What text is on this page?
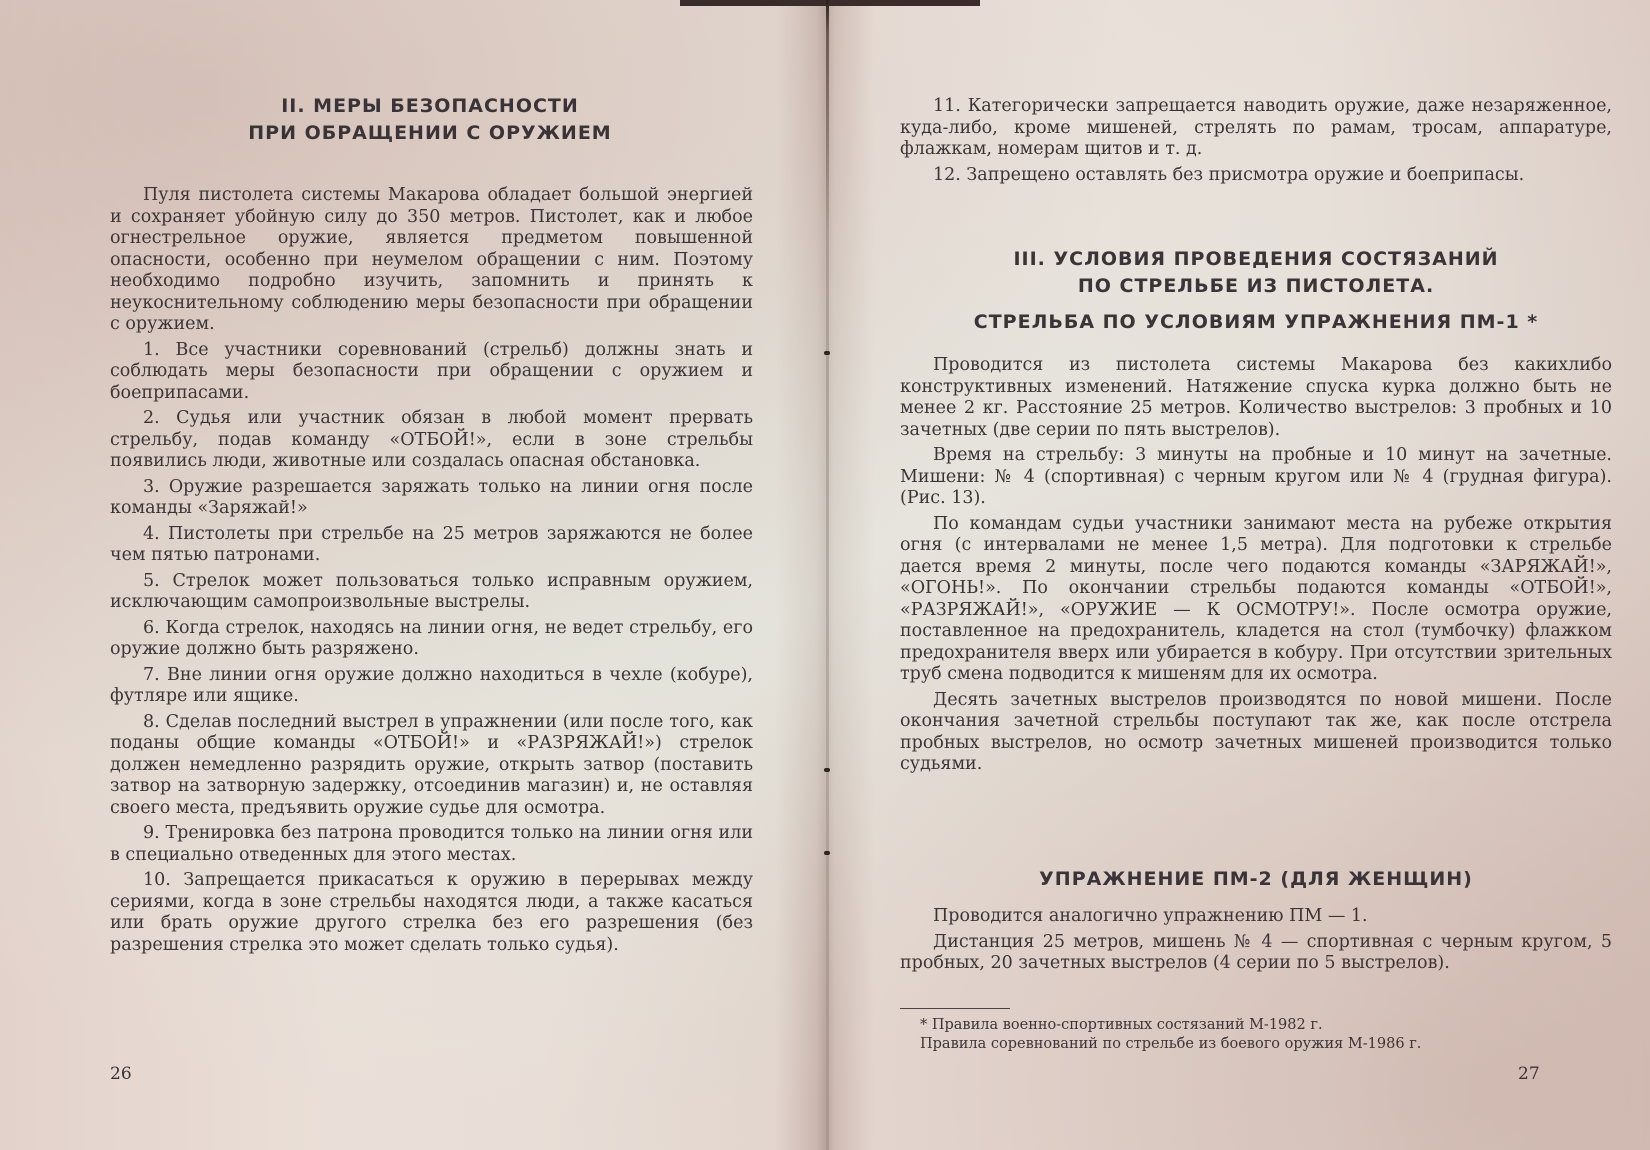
II. МЕРЫ БЕЗОПАСНОСТИ
ПРИ ОБРАЩЕНИИ С ОРУЖИЕМ

Пуля пистолета системы Макарова обладает большой энергией и сохраняет убойную силу до 350 метров. Пистолет, как и любое огнестрельное оружие, является предметом повышенной опасности, особенно при неумелом обращении с ним. Поэтому необходимо подробно изучить, запомнить и принять к неукоснительному соблюдению меры безопасности при обращении с оружием.

1. Все участники соревнований (стрельб) должны знать и соблюдать меры безопасности при обращении с оружием и боеприпасами.

2. Судья или участник обязан в любой момент прервать стрельбу, подав команду «ОТБОЙ!», если в зоне стрельбы появились люди, животные или создалась опасная обстановка.

3. Оружие разрешается заряжать только на линии огня после команды «Заряжай!»

4. Пистолеты при стрельбе на 25 метров заряжаются не более чем пятью патронами.

5. Стрелок может пользоваться только исправным оружием, исключающим самопроизвольные выстрелы.

6. Когда стрелок, находясь на линии огня, не ведет стрельбу, его оружие должно быть разряжено.

7. Вне линии огня оружие должно находиться в чехле (кобуре), футляре или ящике.

8. Сделав последний выстрел в упражнении (или после того, как поданы общие команды «ОТБОЙ!» и «РАЗРЯЖАЙ!») стрелок должен немедленно разрядить оружие, открыть затвор (поставить затвор на затворную задержку, отсоединив магазин) и, не оставляя своего места, предъявить оружие судье для осмотра.

9. Тренировка без патрона проводится только на линии огня или в специально отведенных для этого местах.

10. Запрещается прикасаться к оружию в перерывах между сериями, когда в зоне стрельбы находятся люди, а также касаться или брать оружие другого стрелка без его разрешения (без разрешения стрелка это может сделать только судья).

26

11. Категорически запрещается наводить оружие, даже незаряженное, куда-либо, кроме мишеней, стрелять по рамам, тросам, аппаратуре, флажкам, номерам щитов и т. д.

12. Запрещено оставлять без присмотра оружие и боеприпасы.

III. УСЛОВИЯ ПРОВЕДЕНИЯ СОСТЯЗАНИЙ
ПО СТРЕЛЬБЕ ИЗ ПИСТОЛЕТА.
СТРЕЛЬБА ПО УСЛОВИЯМ УПРАЖНЕНИЯ ПМ-1 *

Проводится из пистолета системы Макарова без какихлибо конструктивных изменений. Натяжение спуска курка должно быть не менее 2 кг. Расстояние 25 метров. Количество выстрелов: 3 пробных и 10 зачетных (две серии по пять выстрелов).

Время на стрельбу: 3 минуты на пробные и 10 минут на зачетные. Мишени: № 4 (спортивная) с черным кругом или № 4 (грудная фигура). (Рис. 13).

По командам судьи участники занимают места на рубеже открытия огня (с интервалами не менее 1,5 метра). Для подготовки к стрельбе дается время 2 минуты, после чего подаются команды «ЗАРЯЖАЙ!», «ОГОНЬ!». По окончании стрельбы подаются команды «ОТБОЙ!», «РАЗРЯЖАЙ!», «ОРУЖИЕ — К ОСМОТРУ!». После осмотра оружие, поставленное на предохранитель, кладется на стол (тумбочку) флажком предохранителя вверх или убирается в кобуру. При отсутствии зрительных труб смена подводится к мишеням для их осмотра.

Десять зачетных выстрелов производятся по новой мишени. После окончания зачетной стрельбы поступают так же, как после отстрела пробных выстрелов, но осмотр зачетных мишеней производится только судьями.

УПРАЖНЕНИЕ ПМ-2 (ДЛЯ ЖЕНЩИН)

Проводится аналогично упражнению ПМ — 1.

Дистанция 25 метров, мишень № 4 — спортивная с черным кругом, 5 пробных, 20 зачетных выстрелов (4 серии по 5 выстрелов).

* Правила военно-спортивных состязаний М-1982 г.
Правила соревнований по стрельбе из боевого оружия М-1986 г.
27
